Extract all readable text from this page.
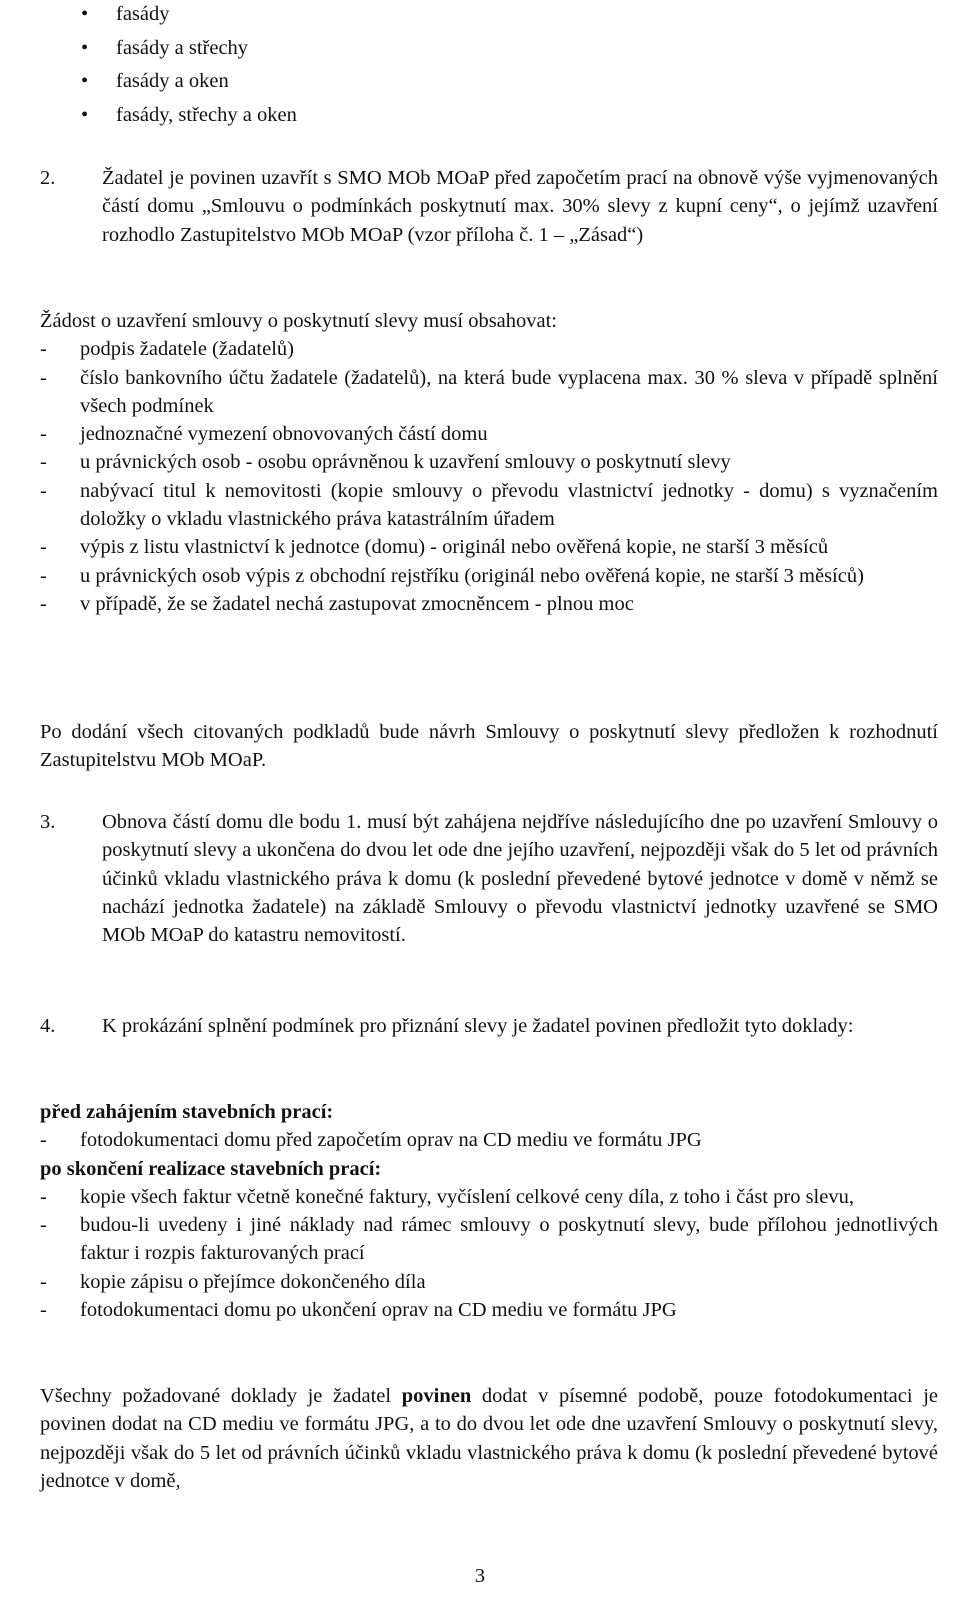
• fasády
• fasády a střechy
• fasády a oken
• fasády, střechy a oken
2. Žadatel je povinen uzavřít s SMO MOb MOaP před započetím prací na obnově výše vyjmenovaných částí domu „Smlouvu o podmínkách poskytnutí max. 30% slevy z kupní ceny“, o jejímž uzavření rozhodlo Zastupitelstvo MOb MOaP (vzor příloha č. 1 – „Zásad“)

Žádost o uzavření smlouvy o poskytnutí slevy musí obsahovat:

- podpis žadatele (žadatelů)
- číslo bankovního účtu žadatele (žadatelů), na která bude vyplacena max. 30 % sleva v případě splnění všech podmínek
- jednoznačné vymezení obnovovaných částí domu
- u právnických osob - osobu oprávněnou k uzavření smlouvy o poskytnutí slevy
- nabývací titul k nemovitosti (kopie smlouvy o převodu vlastnictví jednotky - domu) s vyznačením doložky o vkladu vlastnického práva katastrálním úřadem
- výpis z listu vlastnictví k jednotce (domu) - originál nebo ověřená kopie, ne starší 3 měsíců
- u právnických osob výpis z obchodní rejstříku (originál nebo ověřená kopie, ne starší 3 měsíců)
- v případě, že se žadatel nechá zastupovat zmocněncem - plnou moc

Po dodání všech citovaných podkladů bude návrh Smlouvy o poskytnutí slevy předložen k rozhodnutí Zastupitelstvu MOb MOaP.

3. Obnova částí domu dle bodu 1. musí být zahájena nejdříve následujícího dne po uzavření Smlouvy o poskytnutí slevy a ukončena do dvou let ode dne jejího uzavření, nejpozději však do 5 let od právních účinků vkladu vlastnického práva k domu (k poslední převedené bytové jednotce v domě v němž se nachází jednotka žadatele) na základě Smlouvy o převodu vlastnictví jednotky uzavřené se SMO MOb MOaP do katastru nemovitostí.

4. K prokázání splnění podmínek pro přiznání slevy je žadatel povinen předložit tyto doklady:

před zahájením stavebních prací:

- fotodokumentaci domu před započetím oprav na CD mediu ve formátu JPG

po skončení realizace stavebních prací:

- kopie všech faktur včetně konečné faktury, vyčíslení celkové ceny díla, z toho i část pro slevu,
- budou-li uvedeny i jiné náklady nad rámec smlouvy o poskytnutí slevy, bude přílohou jednotlivých faktur i rozpis fakturovaných prací
- kopie zápisu o přejímce dokončeného díla
- fotodokumentaci domu po ukončení oprav na CD mediu ve formátu JPG

Všechny požadované doklady je žadatel povinen dodat v písemné podobě, pouze fotodokumentaci je povinen dodat na CD mediu ve formátu JPG, a to do dvou let ode dne uzavření Smlouvy o poskytnutí slevy, nejpozději však do 5 let od právních účinků vkladu vlastnického práva k domu (k poslední převedené bytové jednotce v domě,

3
